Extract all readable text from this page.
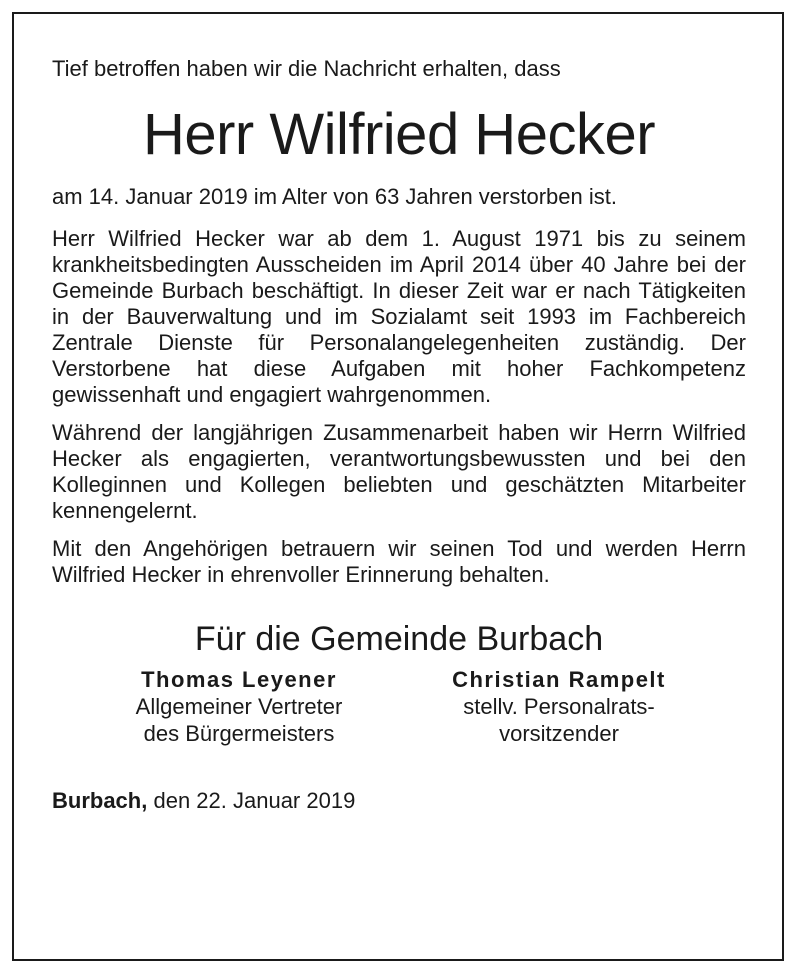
Tief betroffen haben wir die Nachricht erhalten, dass

Herr Wilfried Hecker

am 14. Januar 2019 im Alter von 63 Jahren verstorben ist.

Herr Wilfried Hecker war ab dem 1. August 1971 bis zu seinem krankheitsbedingten Ausscheiden im April 2014 über 40 Jahre bei der Gemeinde Burbach beschäftigt. In dieser Zeit war er nach Tätigkeiten in der Bauverwaltung und im Sozialamt seit 1993 im Fachbereich Zentrale Dienste für Personalangelegenheiten zuständig. Der Verstorbene hat diese Aufgaben mit hoher Fachkompetenz gewissenhaft und engagiert wahrgenommen.

Während der langjährigen Zusammenarbeit haben wir Herrn Wilfried Hecker als engagierten, verantwortungsbewussten und bei den Kolleginnen und Kollegen beliebten und geschätzten Mitarbeiter kennengelernt.

Mit den Angehörigen betrauern wir seinen Tod und werden Herrn Wilfried Hecker in ehrenvoller Erinnerung behalten.

Für die Gemeinde Burbach
Thomas Leyener
Allgemeiner Vertreter
des Bürgermeisters
Christian Rampelt
stellv. Personalrats-
vorsitzender
Burbach, den 22. Januar 2019
